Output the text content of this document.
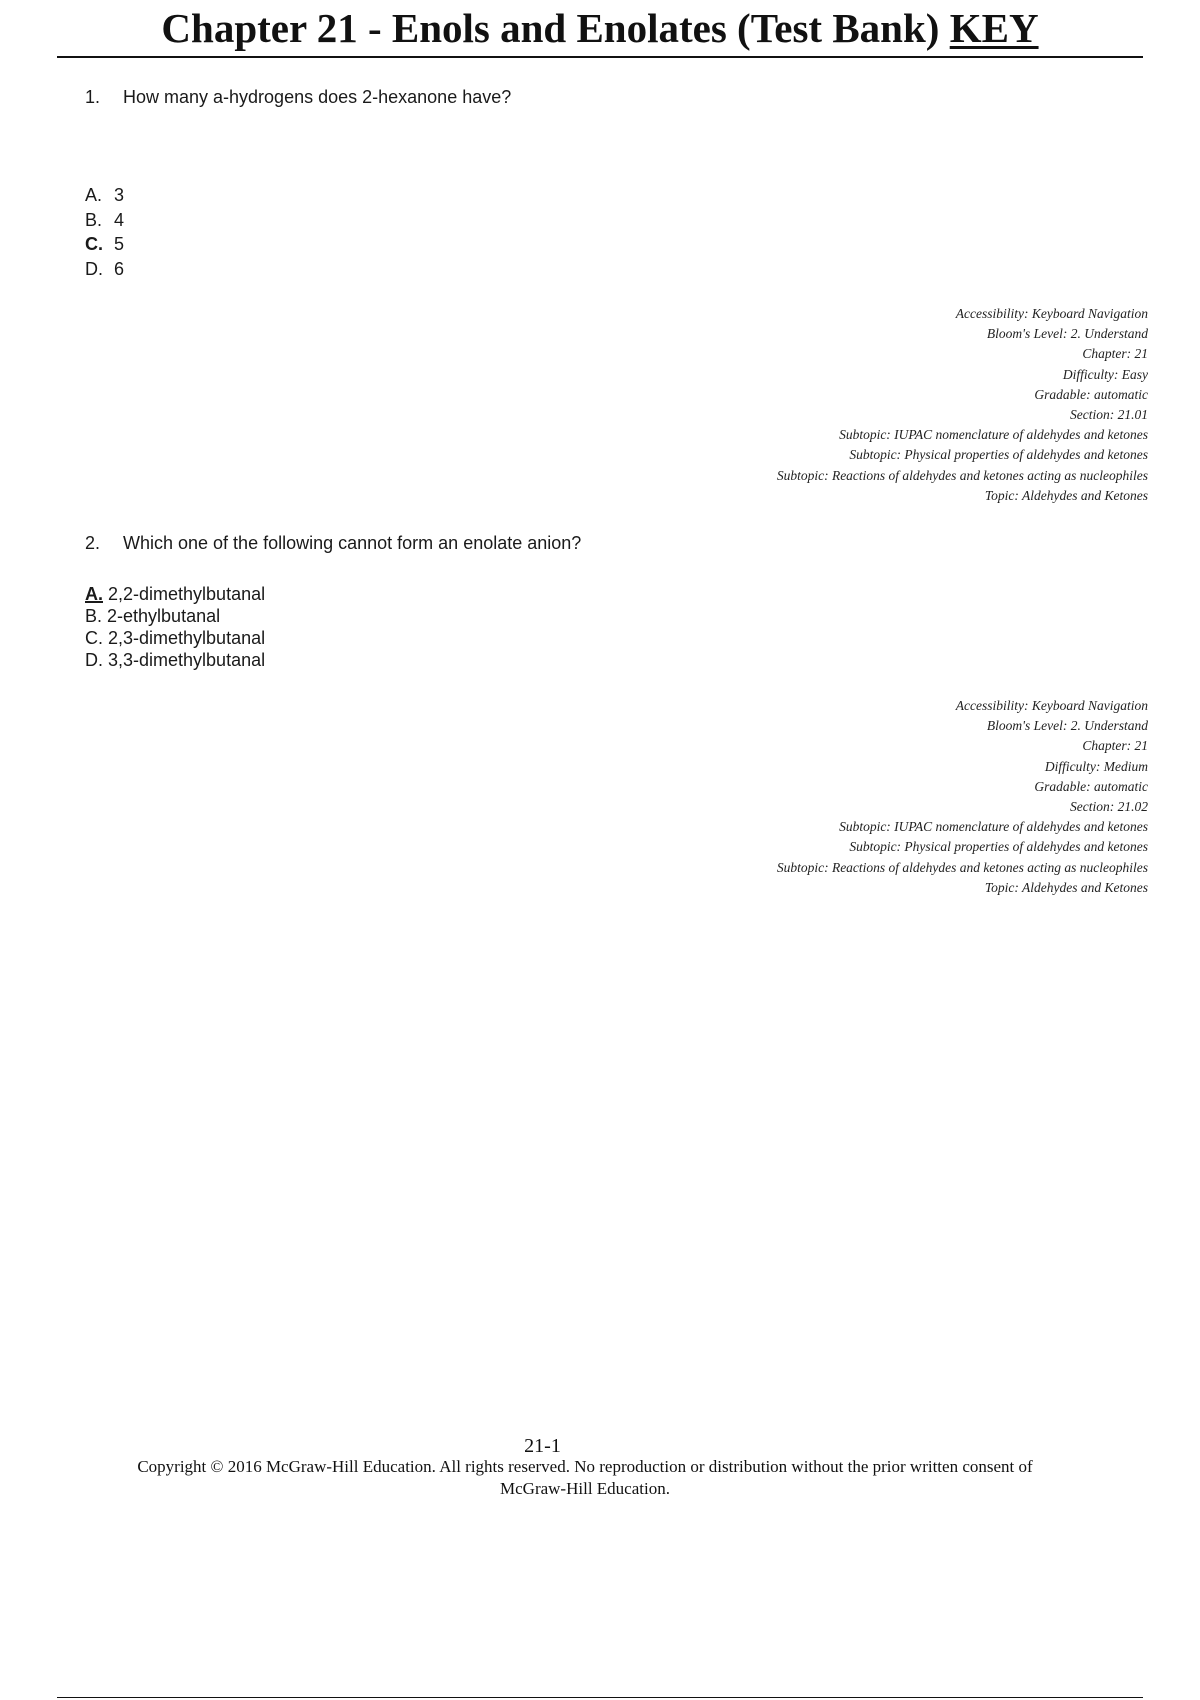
Chapter 21 - Enols and Enolates (Test Bank) KEY
1. How many a-hydrogens does 2-hexanone have?
A. 3
B. 4
C. 5
D. 6
Accessibility: Keyboard Navigation
Bloom's Level: 2. Understand
Chapter: 21
Difficulty: Easy
Gradable: automatic
Section: 21.01
Subtopic: IUPAC nomenclature of aldehydes and ketones
Subtopic: Physical properties of aldehydes and ketones
Subtopic: Reactions of aldehydes and ketones acting as nucleophiles
Topic: Aldehydes and Ketones
2. Which one of the following cannot form an enolate anion?
A. 2,2-dimethylbutanal
B. 2-ethylbutanal
C. 2,3-dimethylbutanal
D. 3,3-dimethylbutanal
Accessibility: Keyboard Navigation
Bloom's Level: 2. Understand
Chapter: 21
Difficulty: Medium
Gradable: automatic
Section: 21.02
Subtopic: IUPAC nomenclature of aldehydes and ketones
Subtopic: Physical properties of aldehydes and ketones
Subtopic: Reactions of aldehydes and ketones acting as nucleophiles
Topic: Aldehydes and Ketones
21-1
Copyright © 2016 McGraw-Hill Education. All rights reserved. No reproduction or distribution without the prior written consent of
McGraw-Hill Education.
